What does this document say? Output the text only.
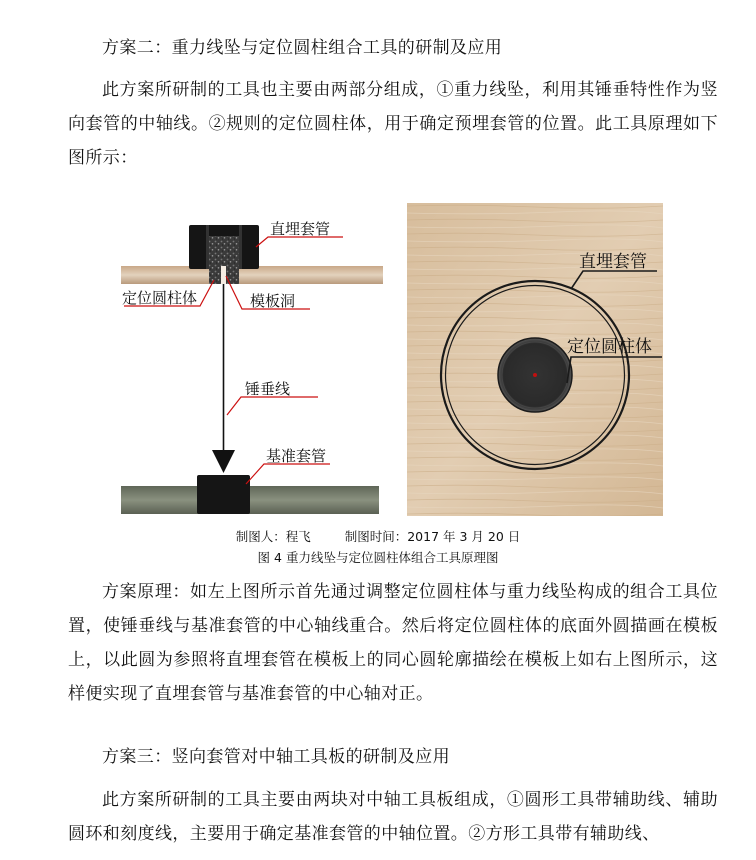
方案二：重力线坠与定位圆柱组合工具的研制及应用

此方案所研制的工具也主要由两部分组成，①重力线坠，利用其锤垂特性作为竖向套管的中轴线。②规则的定位圆柱体，用于确定预埋套管的位置。此工具原理如下图所示：

直埋套管
定位圆柱体	模板洞
锤垂线
基准套管
直埋套管
定位圆柱体
制图人：程飞	制图时间：2017 年 3 月 20 日
图 4 重力线坠与定位圆柱体组合工具原理图

方案原理：如左上图所示首先通过调整定位圆柱体与重力线坠构成的组合工具位置，使锤垂线与基准套管的中心轴线重合。然后将定位圆柱体的底面外圆描画在模板上，以此圆为参照将直埋套管在模板上的同心圆轮廓描绘在模板上如右上图所示，这样便实现了直埋套管与基准套管的中心轴对正。

方案三：竖向套管对中轴工具板的研制及应用

此方案所研制的工具主要由两块对中轴工具板组成，①圆形工具带辅助线、辅助圆环和刻度线，主要用于确定基准套管的中轴位置。②方形工具带有辅助线、
